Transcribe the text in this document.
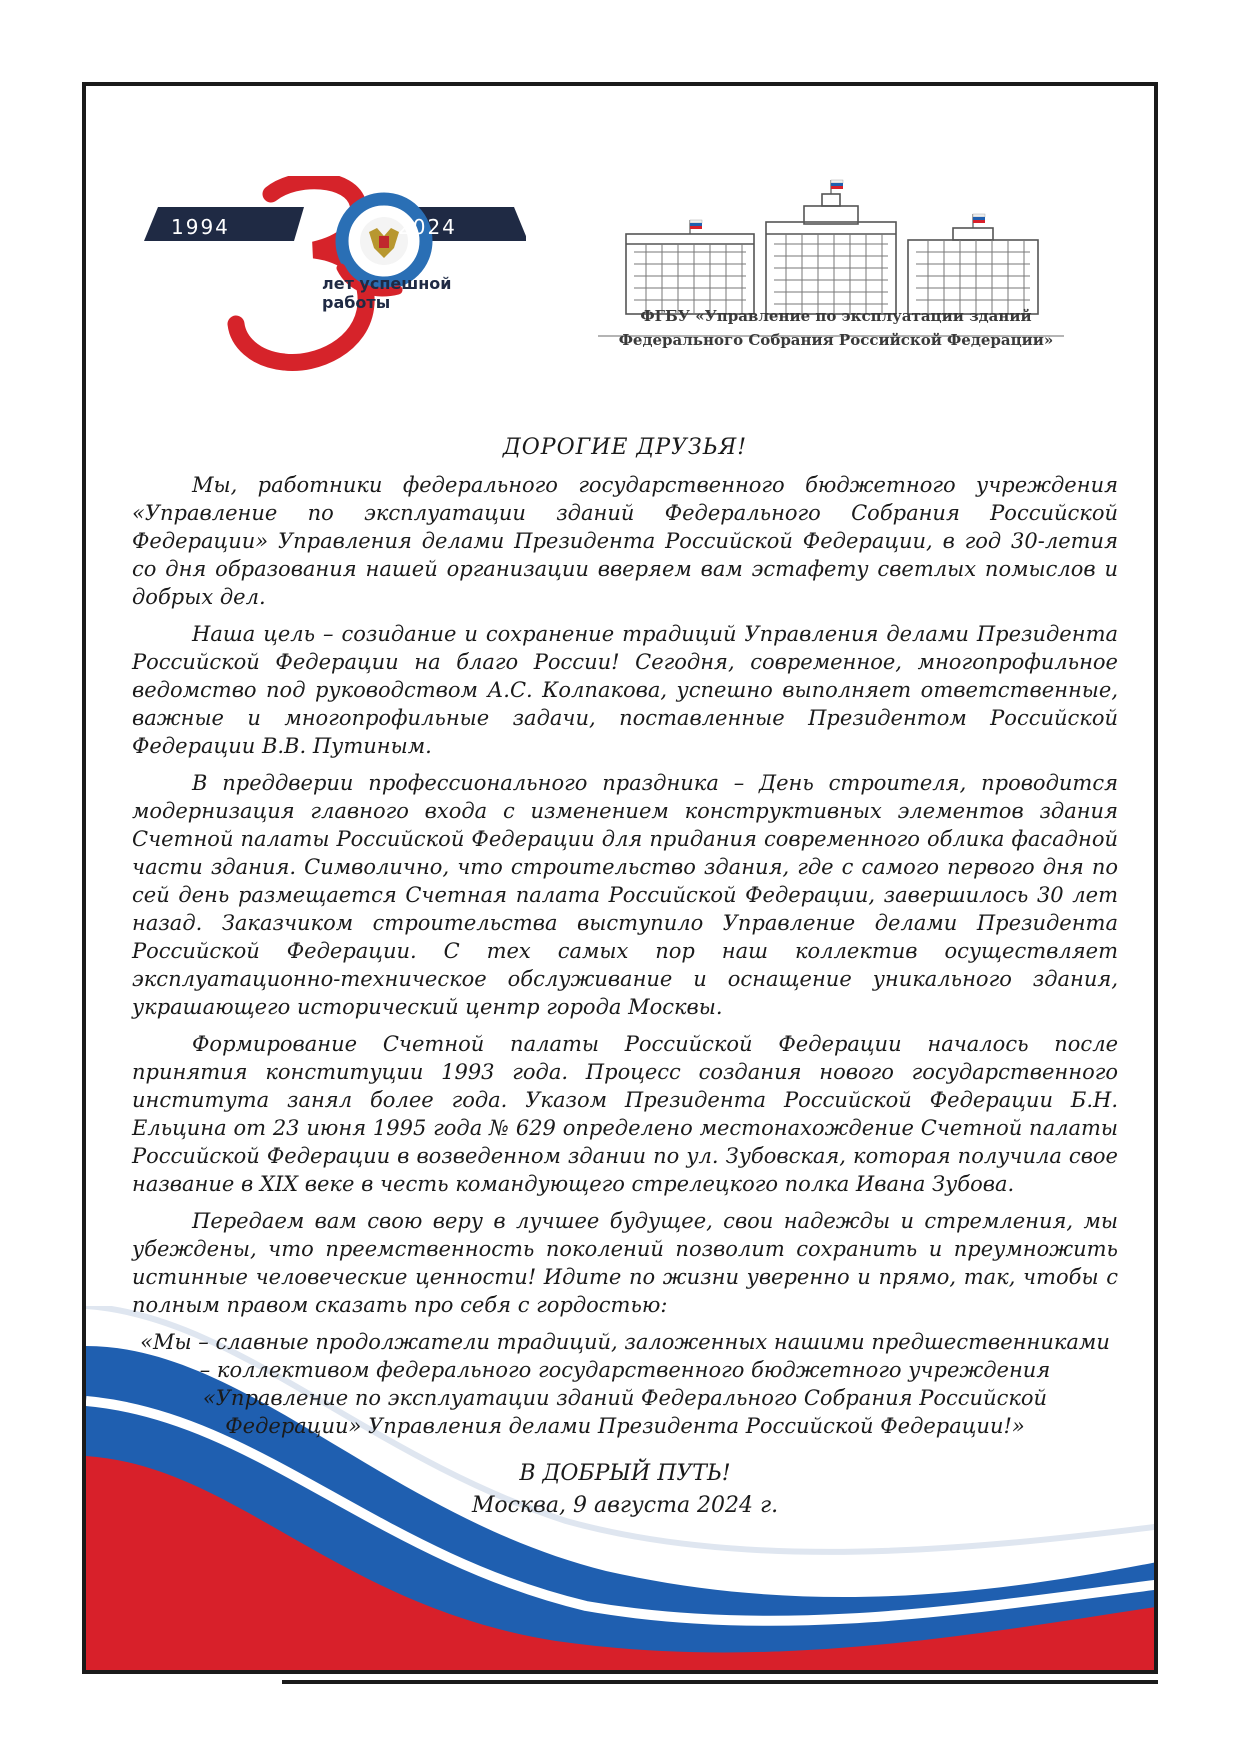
1994	2024
лет успешной
работы
ФГБУ «Управление по эксплуатации зданий
Федерального Собрания Российской Федерации»

ДОРОГИЕ ДРУЗЬЯ!

Мы, работники федерального государственного бюджетного учреждения «Управление по эксплуатации зданий Федерального Собрания Российской Федерации» Управления делами Президента Российской Федерации, в год 30-летия со дня образования нашей организации вверяем вам эстафету светлых помыслов и добрых дел.

Наша цель – созидание и сохранение традиций Управления делами Президента Российской Федерации на благо России! Сегодня, современное, многопрофильное ведомство под руководством А.С. Колпакова, успешно выполняет ответственные, важные и многопрофильные задачи, поставленные Президентом Российской Федерации В.В. Путиным.

В преддверии профессионального праздника – День строителя, проводится модернизация главного входа с изменением конструктивных элементов здания Счетной палаты Российской Федерации для придания современного облика фасадной части здания. Символично, что строительство здания, где с самого первого дня по сей день размещается Счетная палата Российской Федерации, завершилось 30 лет назад. Заказчиком строительства выступило Управление делами Президента Российской Федерации. С тех самых пор наш коллектив осуществляет эксплуатационно-техническое обслуживание и оснащение уникального здания, украшающего исторический центр города Москвы.

Формирование Счетной палаты Российской Федерации началось после принятия конституции 1993 года. Процесс создания нового государственного института занял более года. Указом Президента Российской Федерации Б.Н. Ельцина от 23 июня 1995 года № 629 определено местонахождение Счетной палаты Российской Федерации в возведенном здании по ул. Зубовская, которая получила свое название в XIX веке в честь командующего стрелецкого полка Ивана Зубова.

Передаем вам свою веру в лучшее будущее, свои надежды и стремления, мы убеждены, что преемственность поколений позволит сохранить и преумножить истинные человеческие ценности! Идите по жизни уверенно и прямо, так, чтобы с полным правом сказать про себя с гордостью:

«Мы – славные продолжатели традиций, заложенных нашими предшественниками – коллективом федерального государственного бюджетного учреждения «Управление по эксплуатации зданий Федерального Собрания Российской Федерации» Управления делами Президента Российской Федерации!»

В ДОБРЫЙ ПУТЬ!

Москва, 9 августа 2024 г.
